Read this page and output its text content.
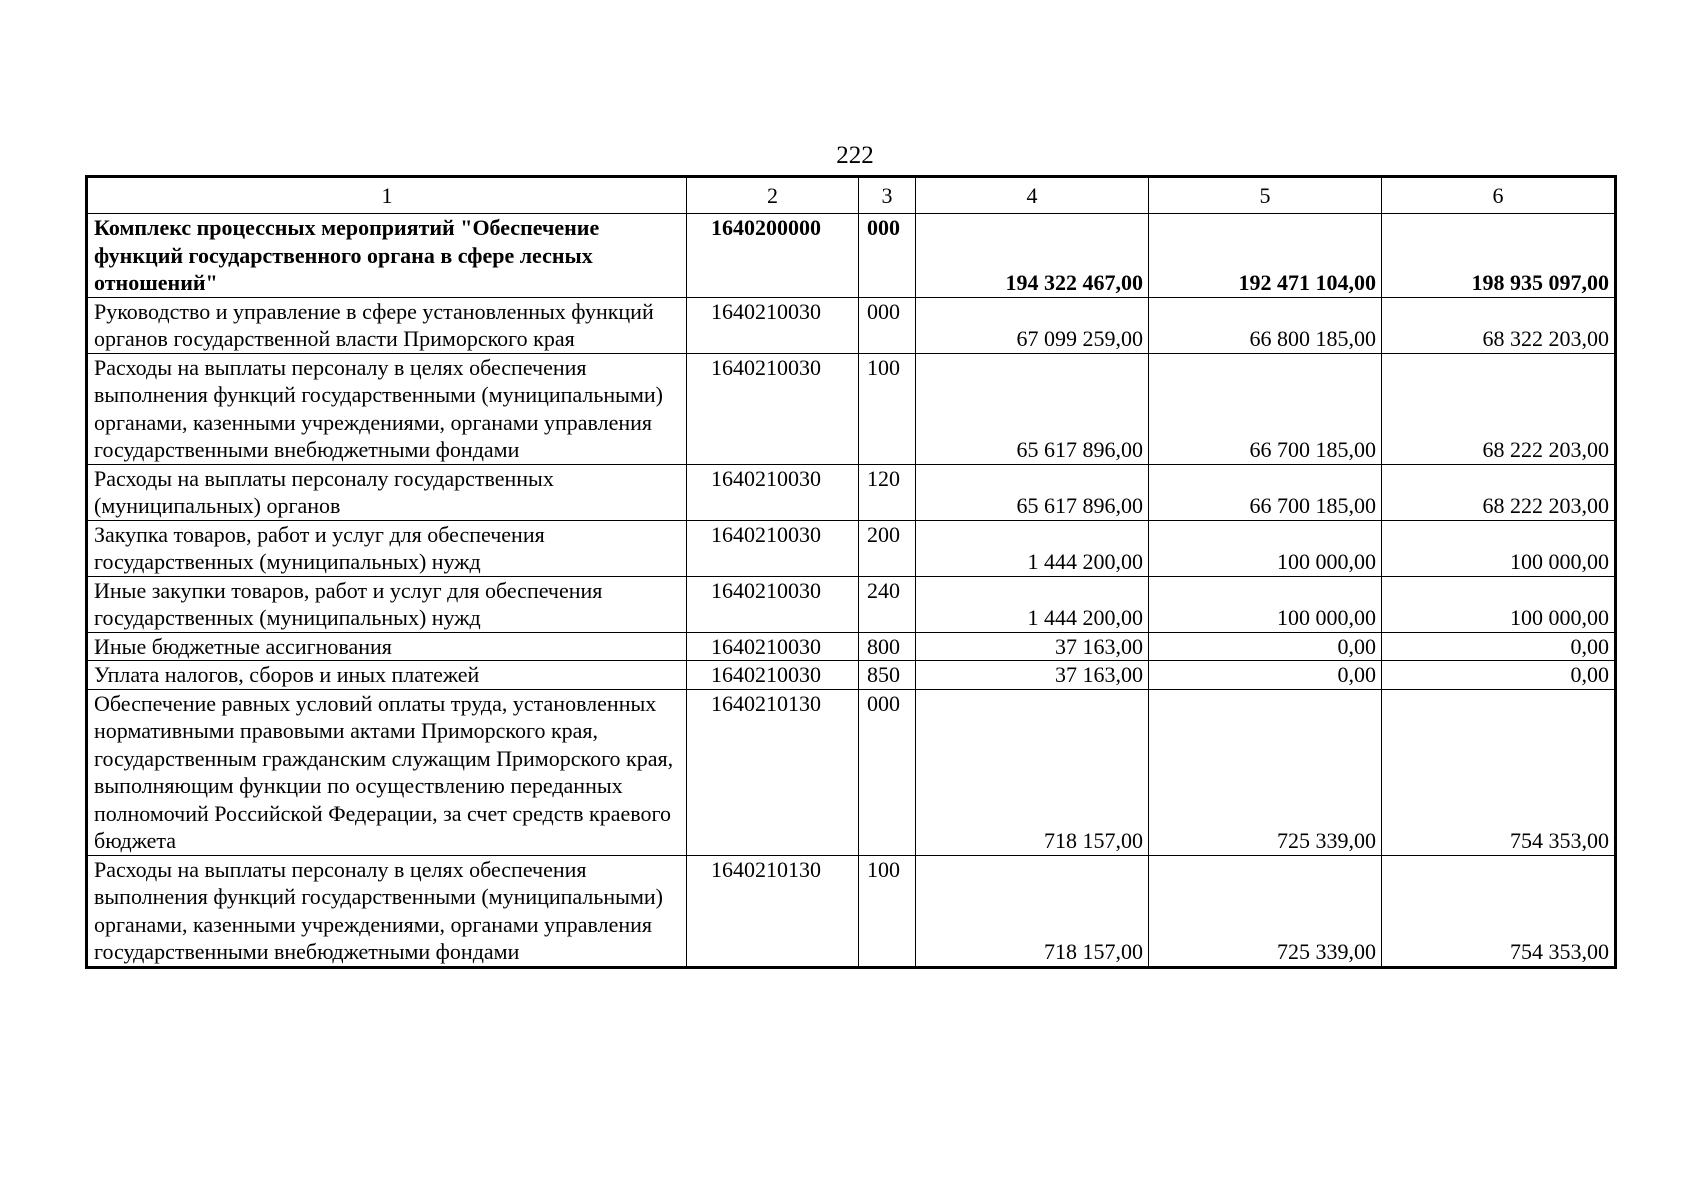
222
1	2	3	4	5	6
Комплекс процессных мероприятий "Обеспечение функций государственного органа в сфере лесных отношений"	1640200000	000	194 322 467,00	192 471 104,00	198 935 097,00
Руководство и управление в сфере установленных функций органов государственной власти Приморского края	1640210030	000	67 099 259,00	66 800 185,00	68 322 203,00
Расходы на выплаты персоналу в целях обеспечения выполнения функций государственными (муниципальными) органами, казенными учреждениями, органами управления государственными внебюджетными фондами	1640210030	100	65 617 896,00	66 700 185,00	68 222 203,00
Расходы на выплаты персоналу государственных (муниципальных) органов	1640210030	120	65 617 896,00	66 700 185,00	68 222 203,00
Закупка товаров, работ и услуг для обеспечения государственных (муниципальных) нужд	1640210030	200	1 444 200,00	100 000,00	100 000,00
Иные закупки товаров, работ и услуг для обеспечения государственных (муниципальных) нужд	1640210030	240	1 444 200,00	100 000,00	100 000,00
Иные бюджетные ассигнования	1640210030	800	37 163,00	0,00	0,00
Уплата налогов, сборов и иных платежей	1640210030	850	37 163,00	0,00	0,00
Обеспечение равных условий оплаты труда, установленных нормативными правовыми актами Приморского края, государственным гражданским служащим Приморского края, выполняющим функции по осуществлению переданных полномочий Российской Федерации, за счет средств краевого бюджета	1640210130	000	718 157,00	725 339,00	754 353,00
Расходы на выплаты персоналу в целях обеспечения выполнения функций государственными (муниципальными) органами, казенными учреждениями, органами управления государственными внебюджетными фондами	1640210130	100	718 157,00	725 339,00	754 353,00
